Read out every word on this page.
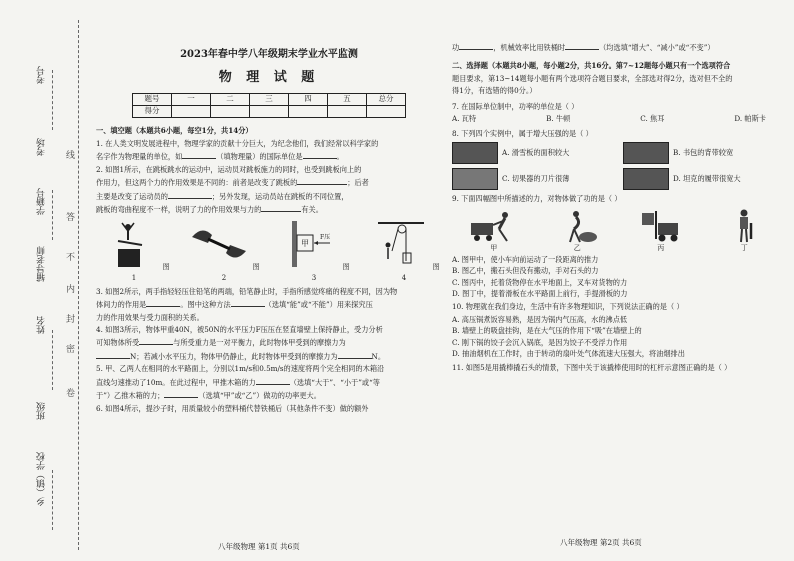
考号
考场
学籍号
姓名
班级
辅导老师
乡（镇）学校
线
答
不
内
封
密
卷
2023年春中学八年级期末学业水平监测
物 理 试 题
题号	一	二	三	四	五	总分
得分						
一、填空题（本题共6小题，每空1分，共14分）

1. 在人类文明发展进程中，物理学家的贡献十分巨大，为纪念他们，我们经常以科学家的

名字作为物理量的单位，如	（填物理量）的国际单位是	。

2. 如图1所示，在跳板跳水的运动中，运动员对跳板施力的同时，也受到跳板向上的

作用力，但这两个力的作用效果是不同的：前者是改变了跳板的	；后者

主要是改变了运动员的	；另外发现，运动员站在跳板的不同位置，

跳板的弯曲程度不一样，说明了力的作用效果与力的	有关。

图 1
图 2
甲
F压
图 3
图 4

3. 如图2所示，两手指轻轻压住铅笔的两端，铅笔静止时，手指所感觉疼痛的程度不同，因为物

体间力的作用是	。图中这种方法	（选填“能”或“不能”）用来探究压

力的作用效果与受力面积的关系。

4. 如图3所示，物体甲重40N，被50N的水平压力F压压在竖直墙壁上保持静止，受力分析

可知物体所受	与所受重力是一对平衡力，此时物体甲受到的摩擦力为

N；若减小水平压力，物体甲仍静止，此时物体甲受到的摩擦力为	N。

5. 甲、乙两人在相同的水平路面上，分别以1m/s和0.5m/s的速度将两个完全相同的木箱沿

直线匀速推动了10m。在此过程中，甲推木箱的力	（选填“大于”、“小于”或“等

于”）乙推木箱的力；	（选填“甲”或“乙”）做功的功率更大。

6. 如图4所示，提沙子时，用质量较小的塑料桶代替铁桶后（其他条件不变）做的额外

功	，机械效率比用铁桶时	（均选填“增大”、“减小”或“不变”）

二、选择题（本题共8小题，每小题2分，共16分。第7~12题每小题只有一个选项符合

题目要求，第13~14题每小题有两个选项符合题目要求，全部选对得2分，选对但不全的

得1分，有选错的得0分。）

7. 在国际单位制中，功率的单位是（ ）

A. 瓦特	B. 牛顿	C. 焦耳	D. 帕斯卡

8. 下列四个实例中，属于增大压强的是（ ）

A. 滑雪板的面积较大	B. 书包的背带较宽
C. 切果器的刀片很薄	D. 坦克的履带很宽大

9. 下面四幅图中所描述的力，对物体做了功的是（ ）

甲	乙	丙	丁

A. 图甲中，使小车向前运动了一段距离的推力

B. 图乙中，搬石头但没有搬动，手对石头的力

C. 图丙中，托着货物停在水平地面上，叉车对货物的力

D. 图丁中，提着滑板在水平路面上前行，手提滑板的力

10. 物理就在我们身边，生活中有许多物理知识，下列说法正确的是（ ）

A. 高压锅煮饭容易熟，是因为锅内气压高，水的沸点低

B. 墙壁上的吸盘挂钩，是在大气压的作用下“吸”在墙壁上的

C. 刚下锅的饺子会沉入锅底，是因为饺子不受浮力作用

D. 抽油烟机在工作时，由于转动的扇叶处气体流速大压强大，将油烟排出

11. 如图5是用撬棒撬石头的情景，下图中关于该撬棒使用时的杠杆示意图正确的是（ ）

八年级物理 第1页 共6页	八年级物理 第2页 共6页
